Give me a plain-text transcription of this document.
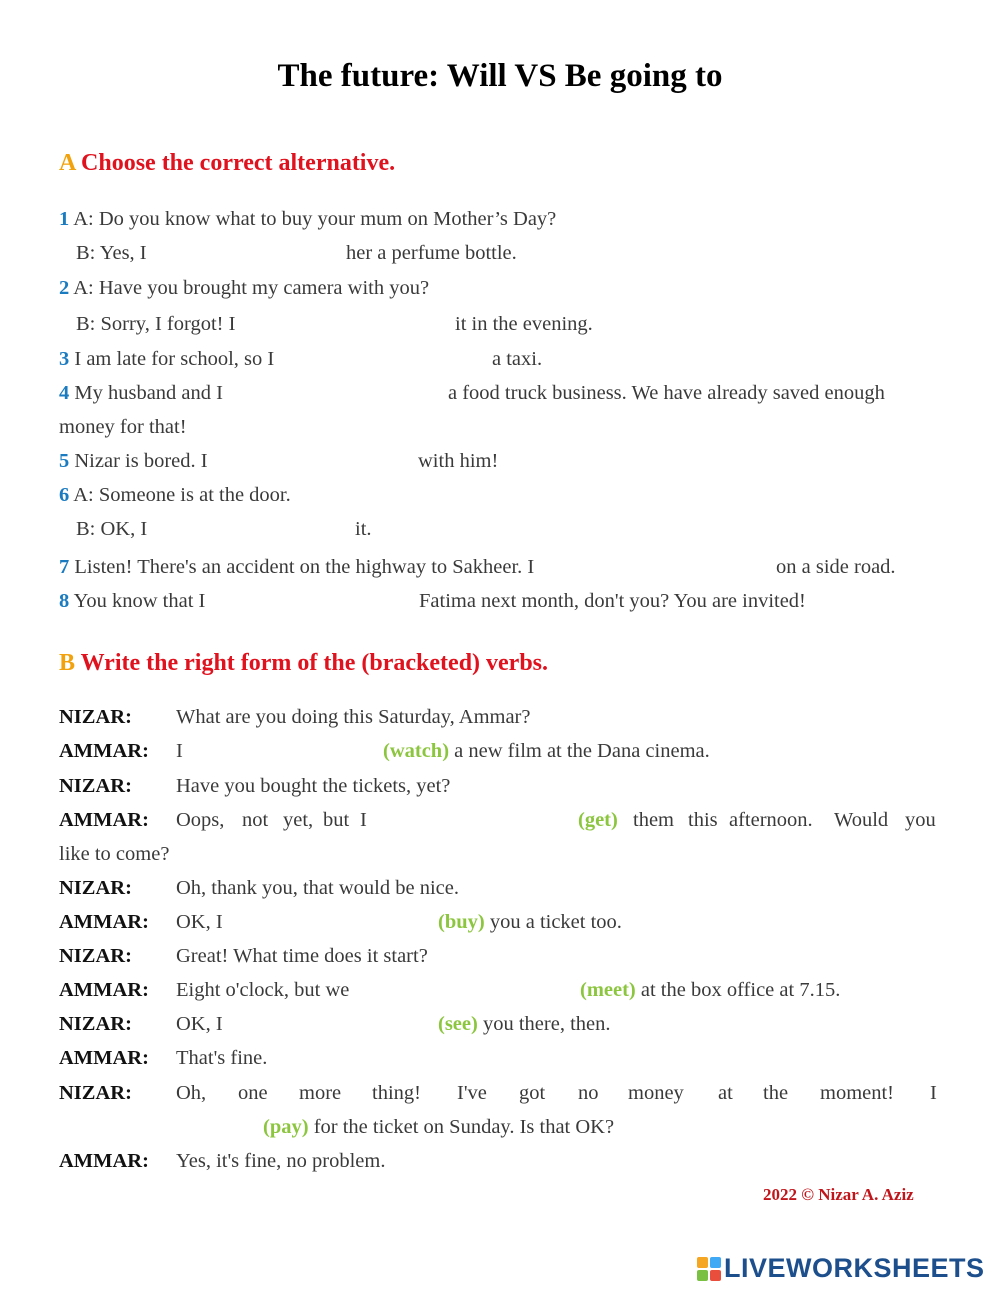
The future: Will VS Be going to
A Choose the correct alternative.
1 A: Do you know what to buy your mum on Mother’s Day?
B: Yes, I	her a perfume bottle.
2 A: Have you brought my camera with you?
B: Sorry, I forgot! I	it in the evening.
3 I am late for school, so I	a taxi.
4 My husband and I	a food truck business. We have already saved enough
money for that!
5 Nizar is bored. I	with him!
6 A: Someone is at the door.
B: OK, I	it.
7 Listen! There's an accident on the highway to Sakheer. I	on a side road.
8 You know that I	Fatima next month, don't you? You are invited!
B Write the right form of the (bracketed) verbs.
NIZAR: What are you doing this Saturday, Ammar?
AMMAR: I	(watch) a new film at the Dana cinema.
NIZAR: Have you bought the tickets, yet?
AMMAR: Oops, not yet, but I	(get) them this afternoon. Would you
like to come?
NIZAR: Oh, thank you, that would be nice.
AMMAR: OK, I	(buy) you a ticket too.
NIZAR: Great! What time does it start?
AMMAR: Eight o'clock, but we	(meet) at the box office at 7.15.
NIZAR: OK, I	(see) you there, then.
AMMAR: That's fine.
NIZAR: Oh, one more thing! I've got no money at the moment! I
(pay) for the ticket on Sunday. Is that OK?
AMMAR: Yes, it's fine, no problem.
2022 © Nizar A. Aziz
LIVEWORKSHEETS
